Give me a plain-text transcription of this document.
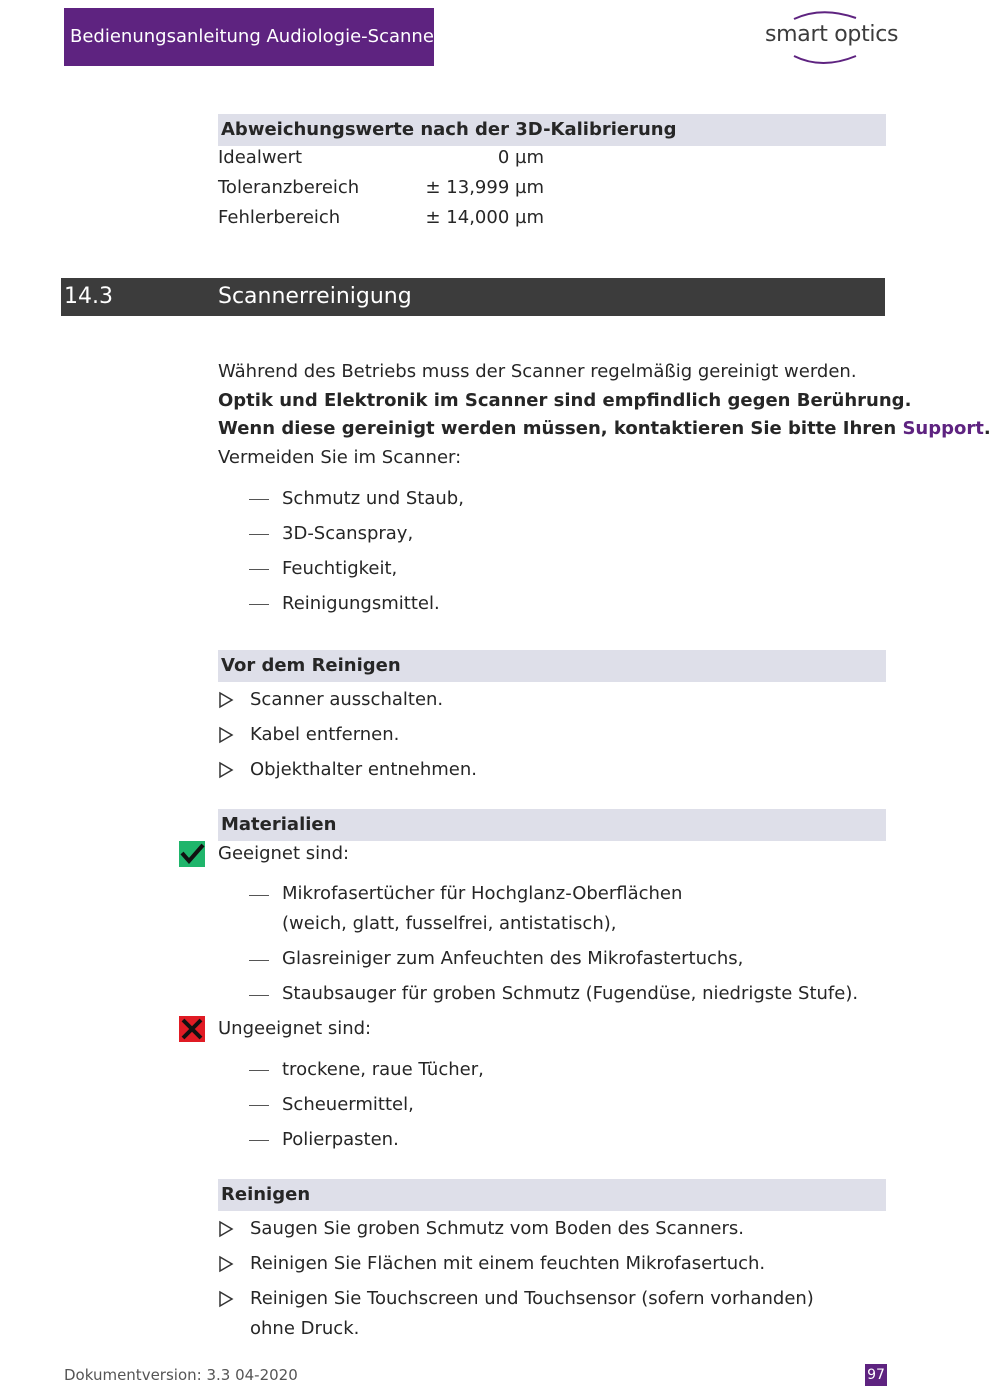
Bedienungsanleitung Audiologie-Scanner	smart optics
Abweichungswerte nach der 3D-Kalibrierung
Idealwert	0 µm
Toleranzbereich	± 13,999 µm
Fehlerbereich	± 14,000 µm
14.3	Scannerreinigung
Während des Betriebs muss der Scanner regelmäßig gereinigt werden.
Optik und Elektronik im Scanner sind empfindlich gegen Berührung.
Wenn diese gereinigt werden müssen, kontaktieren Sie bitte Ihren Support.
Vermeiden Sie im Scanner:
Schmutz und Staub,
3D-Scanspray,
Feuchtigkeit,
Reinigungsmittel.
Vor dem Reinigen
Scanner ausschalten.
Kabel entfernen.
Objekthalter entnehmen.
Materialien
Geeignet sind:
Mikrofasertücher für Hochglanz-Oberflächen
(weich, glatt, fusselfrei, antistatisch),
Glasreiniger zum Anfeuchten des Mikrofastertuchs,
Staubsauger für groben Schmutz (Fugendüse, niedrigste Stufe).
Ungeeignet sind:
trockene, raue Tücher,
Scheuermittel,
Polierpasten.
Reinigen
Saugen Sie groben Schmutz vom Boden des Scanners.
Reinigen Sie Flächen mit einem feuchten Mikrofasertuch.
Reinigen Sie Touchscreen und Touchsensor (sofern vorhanden)
ohne Druck.
Dokumentversion: 3.3 04-2020	97
